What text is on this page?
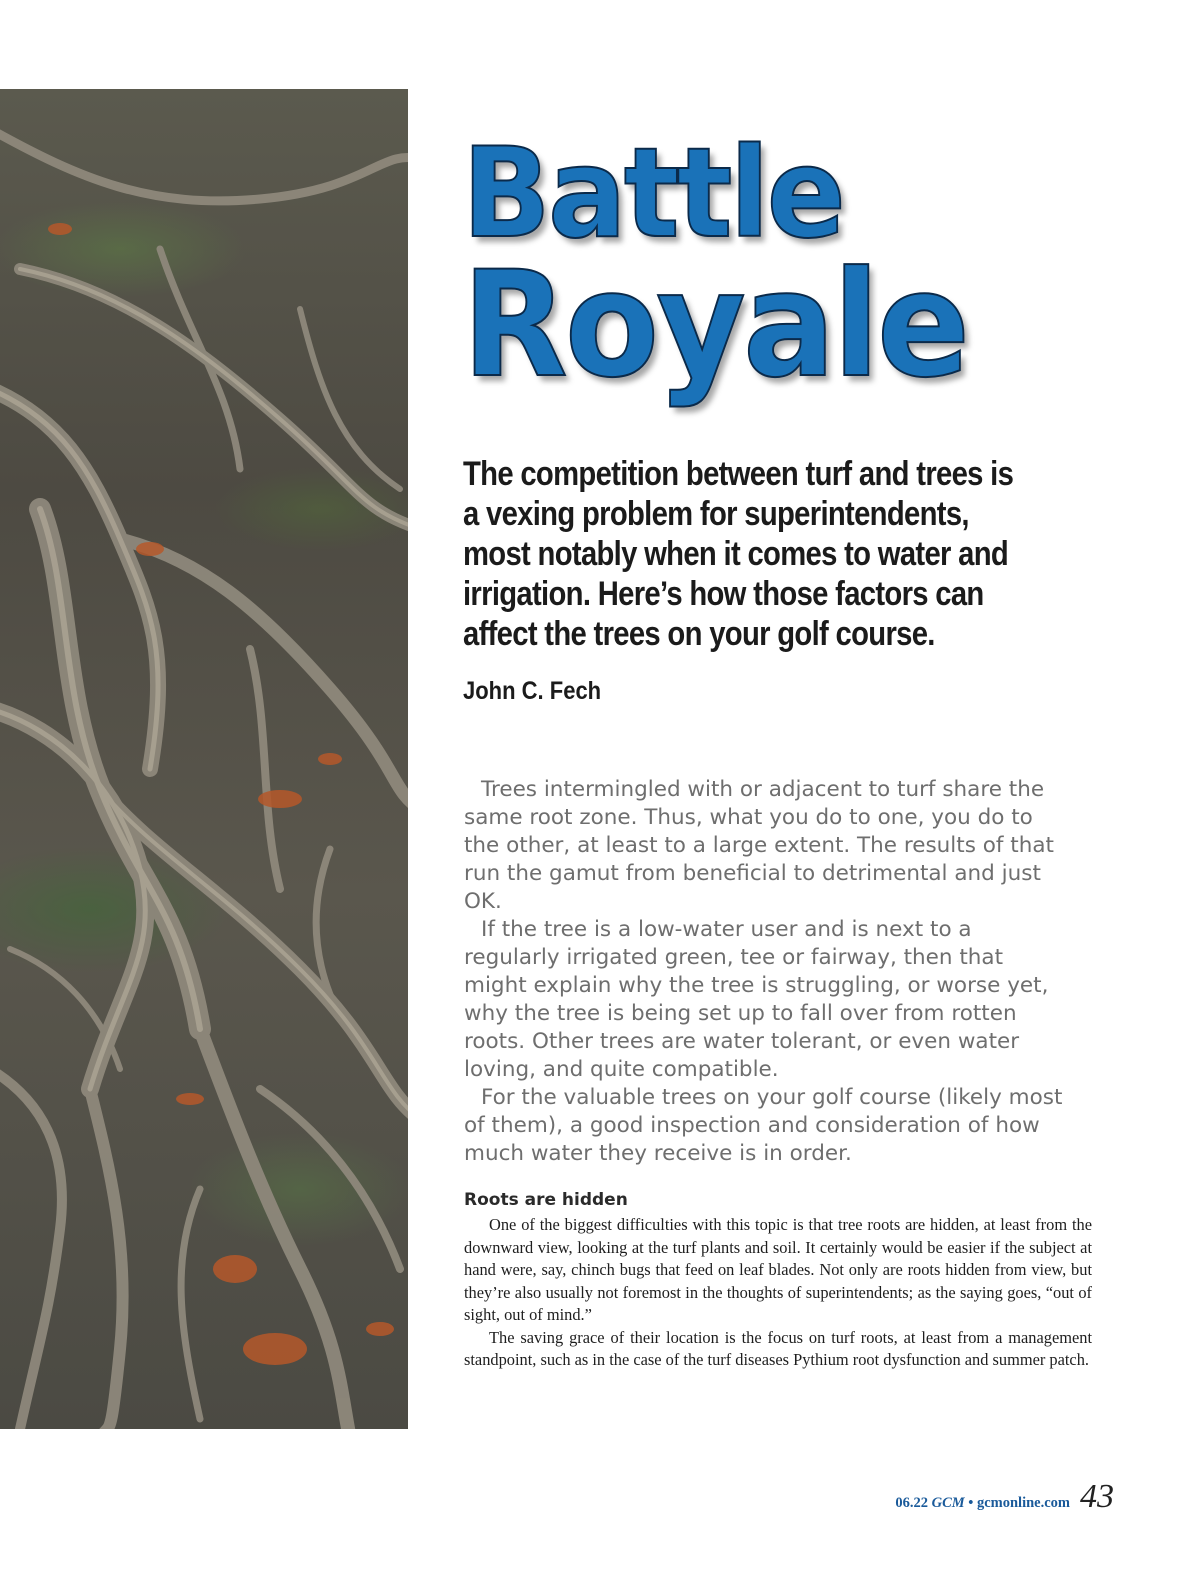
Battle
Royale

The competition between turf and trees is a vexing problem for superintendents, most notably when it comes to water and irrigation. Here’s how those factors can affect the trees on your golf course.

John C. Fech

Trees intermingled with or adjacent to turf share the same root zone. Thus, what you do to one, you do to the other, at least to a large extent. The results of that run the gamut from beneficial to detrimental and just OK.

If the tree is a low-water user and is next to a regularly irrigated green, tee or fairway, then that might explain why the tree is struggling, or worse yet, why the tree is being set up to fall over from rotten roots. Other trees are water tolerant, or even water loving, and quite compatible.

For the valuable trees on your golf course (likely most of them), a good inspection and consideration of how much water they receive is in order.

Roots are hidden

One of the biggest difficulties with this topic is that tree roots are hidden, at least from the downward view, looking at the turf plants and soil. It certainly would be easier if the subject at hand were, say, chinch bugs that feed on leaf blades. Not only are roots hidden from view, but they’re also usually not foremost in the thoughts of superintendents; as the saying goes, “out of sight, out of mind.”

The saving grace of their location is the focus on turf roots, at least from a management standpoint, such as in the case of the turf diseases Pythium root dysfunction and summer patch.

06.22 GCM • gcmonline.com 43
